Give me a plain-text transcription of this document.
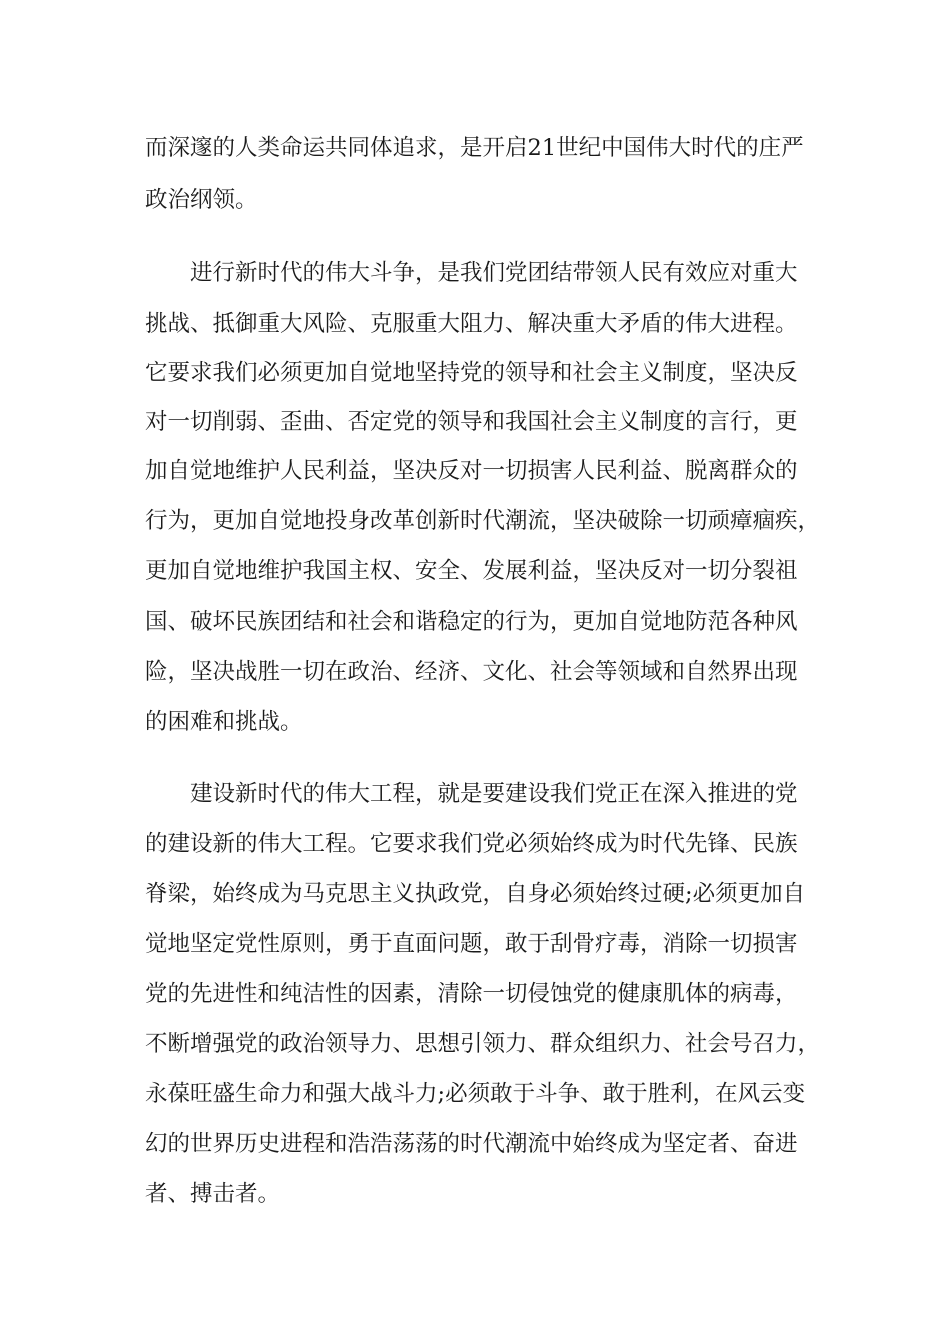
而深邃的人类命运共同体追求，是开启21世纪中国伟大时代的庄严

政治纲领。

进行新时代的伟大斗争，是我们党团结带领人民有效应对重大

挑战、抵御重大风险、克服重大阻力、解决重大矛盾的伟大进程。

它要求我们必须更加自觉地坚持党的领导和社会主义制度，坚决反

对一切削弱、歪曲、否定党的领导和我国社会主义制度的言行，更

加自觉地维护人民利益，坚决反对一切损害人民利益、脱离群众的

行为，更加自觉地投身改革创新时代潮流，坚决破除一切顽瘴痼疾，

更加自觉地维护我国主权、安全、发展利益，坚决反对一切分裂祖

国、破坏民族团结和社会和谐稳定的行为，更加自觉地防范各种风

险，坚决战胜一切在政治、经济、文化、社会等领域和自然界出现

的困难和挑战。

建设新时代的伟大工程，就是要建设我们党正在深入推进的党

的建设新的伟大工程。它要求我们党必须始终成为时代先锋、民族

脊梁，始终成为马克思主义执政党，自身必须始终过硬;必须更加自

觉地坚定党性原则，勇于直面问题，敢于刮骨疗毒，消除一切损害

党的先进性和纯洁性的因素，清除一切侵蚀党的健康肌体的病毒，

不断增强党的政治领导力、思想引领力、群众组织力、社会号召力，

永葆旺盛生命力和强大战斗力;必须敢于斗争、敢于胜利，在风云变

幻的世界历史进程和浩浩荡荡的时代潮流中始终成为坚定者、奋进

者、搏击者。
